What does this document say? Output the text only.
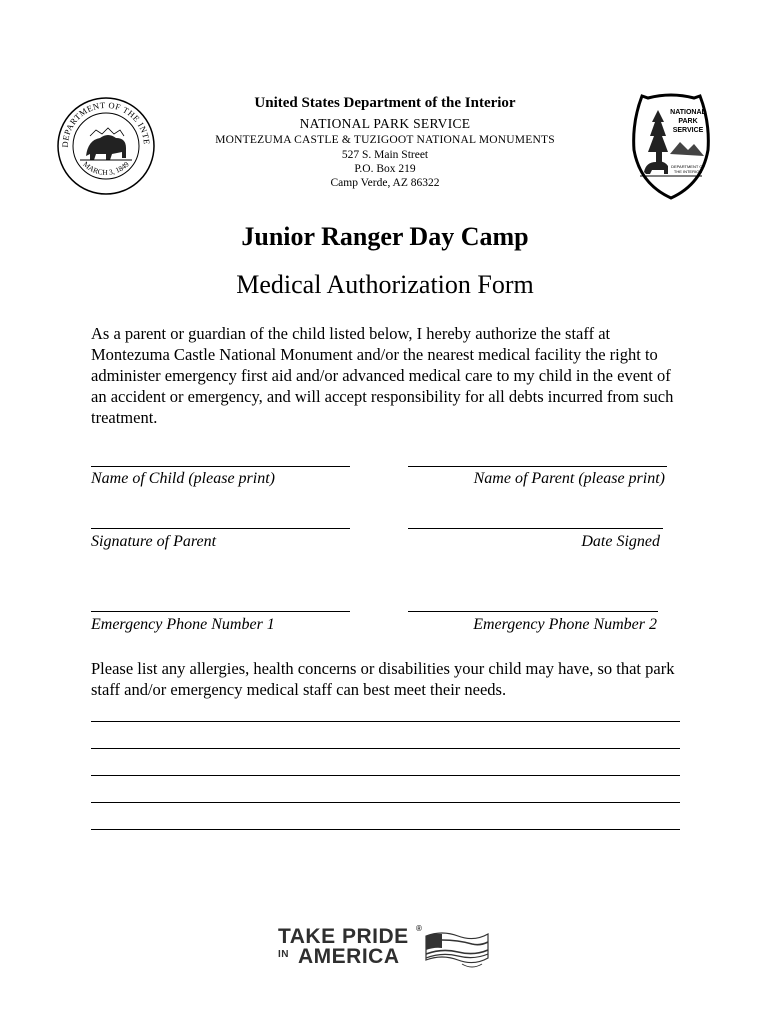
DEPARTMENT OF THE INTE
MARCH 3, 1849
NATIONAL
PARK
SERVICE
DEPARTMENT OF
THE INTERIOR
United States Department of the Interior
NATIONAL PARK SERVICE
MONTEZUMA CASTLE & TUZIGOOT NATIONAL MONUMENTS
527 S. Main Street
P.O. Box 219
Camp Verde, AZ 86322
Junior Ranger Day Camp
Medical Authorization Form
As a parent or guardian of the child listed below, I hereby authorize the staff at Montezuma Castle National Monument and/or the nearest medical facility the right to administer emergency first aid and/or advanced medical care to my child in the event of an accident or emergency, and will accept responsibility for all debts incurred from such treatment.
Name of Child (please print)	Name of Parent (please print)
Signature of Parent	Date Signed
Emergency Phone Number 1	Emergency Phone Number 2
Please list any allergies, health concerns or disabilities your child may have, so that park staff and/or emergency medical staff can best meet their needs.
TAKE PRIDE ®
IN AMERICA
